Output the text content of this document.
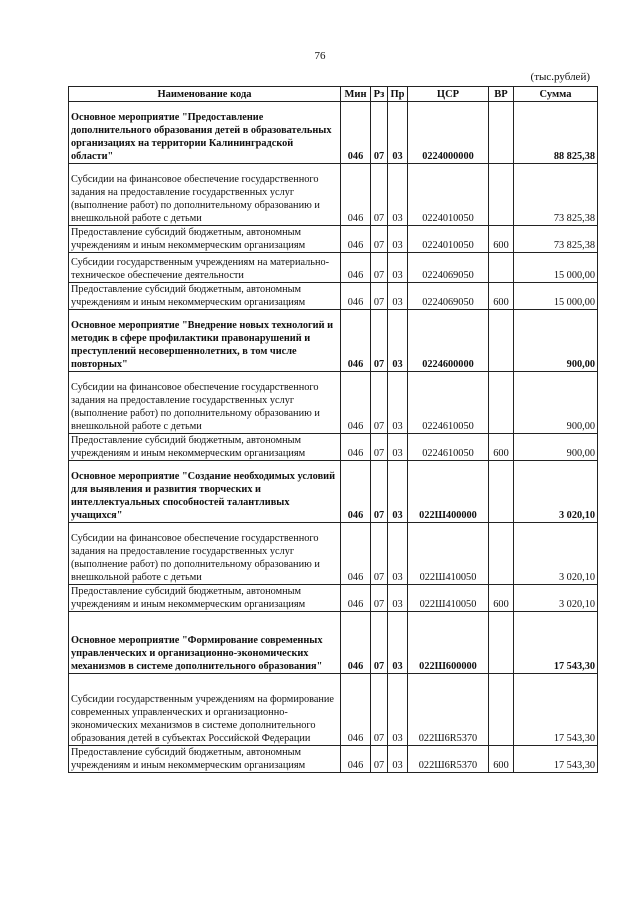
76
(тыс.рублей)
Наименование кода	Мин	Рз	Пр	ЦСР	ВР	Сумма
Основное мероприятие "Предоставление дополнительного образования детей в образовательных организациях на территории Калининградской области"	046	07	03	0224000000		88 825,38
Субсидии на финансовое обеспечение государственного задания на предоставление государственных услуг (выполнение работ) по дополнительному образованию и внешкольной работе с детьми	046	07	03	0224010050		73 825,38
Предоставление субсидий бюджетным, автономным учреждениям и иным некоммерческим организациям	046	07	03	0224010050	600	73 825,38
Субсидии государственным учреждениям на материально-техническое обеспечение деятельности	046	07	03	0224069050		15 000,00
Предоставление субсидий бюджетным, автономным учреждениям и иным некоммерческим организациям	046	07	03	0224069050	600	15 000,00
Основное мероприятие "Внедрение новых технологий и методик в сфере профилактики правонарушений и преступлений несовершеннолетних, в том числе повторных"	046	07	03	0224600000		900,00
Субсидии на финансовое обеспечение государственного задания на предоставление государственных услуг (выполнение работ) по дополнительному образованию и внешкольной работе с детьми	046	07	03	0224610050		900,00
Предоставление субсидий бюджетным, автономным учреждениям и иным некоммерческим организациям	046	07	03	0224610050	600	900,00
Основное мероприятие "Создание необходимых условий для выявления и развития творческих и интеллектуальных способностей талантливых учащихся"	046	07	03	022Ш400000		3 020,10
Субсидии на финансовое обеспечение государственного задания на предоставление государственных услуг (выполнение работ) по дополнительному образованию и внешкольной работе с детьми	046	07	03	022Ш410050		3 020,10
Предоставление субсидий бюджетным, автономным учреждениям и иным некоммерческим организациям	046	07	03	022Ш410050	600	3 020,10
Основное мероприятие "Формирование современных управленческих и организационно-экономических механизмов в системе дополнительного образования"	046	07	03	022Ш600000		17 543,30
Субсидии государственным учреждениям на формирование современных управленческих и организационно-экономических механизмов в системе дополнительного образования детей в субъектах Российской Федерации	046	07	03	022Ш6R5370		17 543,30
Предоставление субсидий бюджетным, автономным учреждениям и иным некоммерческим организациям	046	07	03	022Ш6R5370	600	17 543,30
